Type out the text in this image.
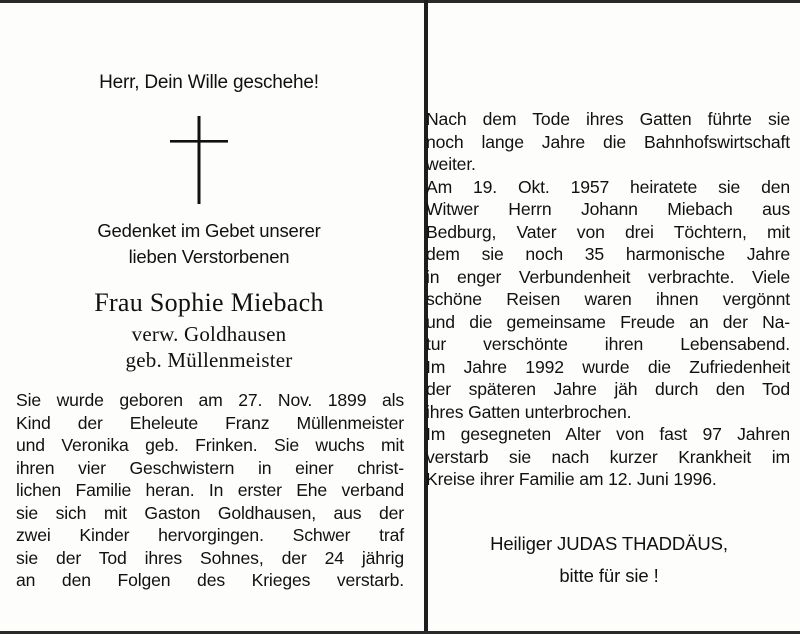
Herr, Dein Wille geschehe!
Gedenket im Gebet unserer
lieben Verstorbenen
Frau Sophie Miebach
verw. Goldhausen
geb. Müllenmeister
Sie wurde geboren am 27. Nov. 1899 als
Kind der Eheleute Franz Müllenmeister
und Veronika geb. Frinken. Sie wuchs mit
ihren vier Geschwistern in einer christ-
lichen Familie heran. In erster Ehe verband
sie sich mit Gaston Goldhausen, aus der
zwei Kinder hervorgingen. Schwer traf
sie der Tod ihres Sohnes, der 24 jährig
an den Folgen des Krieges verstarb.
Nach dem Tode ihres Gatten führte sie
noch lange Jahre die Bahnhofswirtschaft
weiter.
Am 19. Okt. 1957 heiratete sie den
Witwer Herrn Johann Miebach aus
Bedburg, Vater von drei Töchtern, mit
dem sie noch 35 harmonische Jahre
in enger Verbundenheit verbrachte. Viele
schöne Reisen waren ihnen vergönnt
und die gemeinsame Freude an der Na-
tur verschönte ihren Lebensabend.
Im Jahre 1992 wurde die Zufriedenheit
der späteren Jahre jäh durch den Tod
ihres Gatten unterbrochen.
Im gesegneten Alter von fast 97 Jahren
verstarb sie nach kurzer Krankheit im
Kreise ihrer Familie am 12. Juni 1996.
Heiliger JUDAS THADDÄUS,
bitte für sie !
